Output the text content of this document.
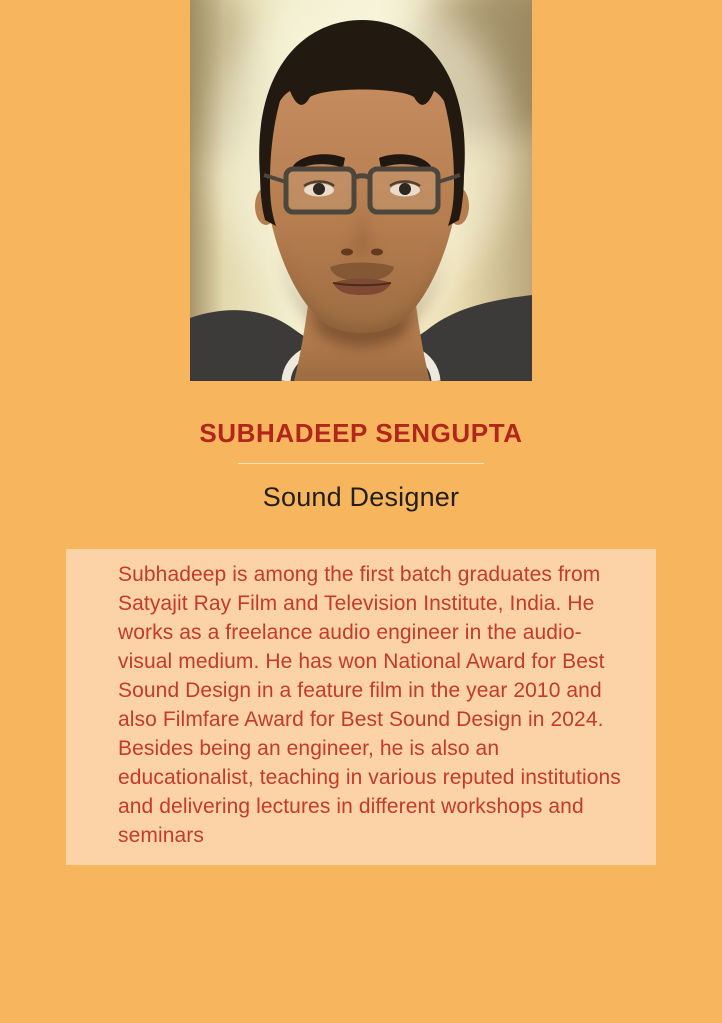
SUBHADEEP SENGUPTA
Sound Designer

Subhadeep is among the first batch graduates from Satyajit Ray Film and Television Institute, India. He works as a freelance audio engineer in the audio-visual medium. He has won National Award for Best Sound Design in a feature film in the year 2010 and also Filmfare Award for Best Sound Design in 2024. Besides being an engineer, he is also an educationalist, teaching in various reputed institutions and delivering lectures in different workshops and seminars
